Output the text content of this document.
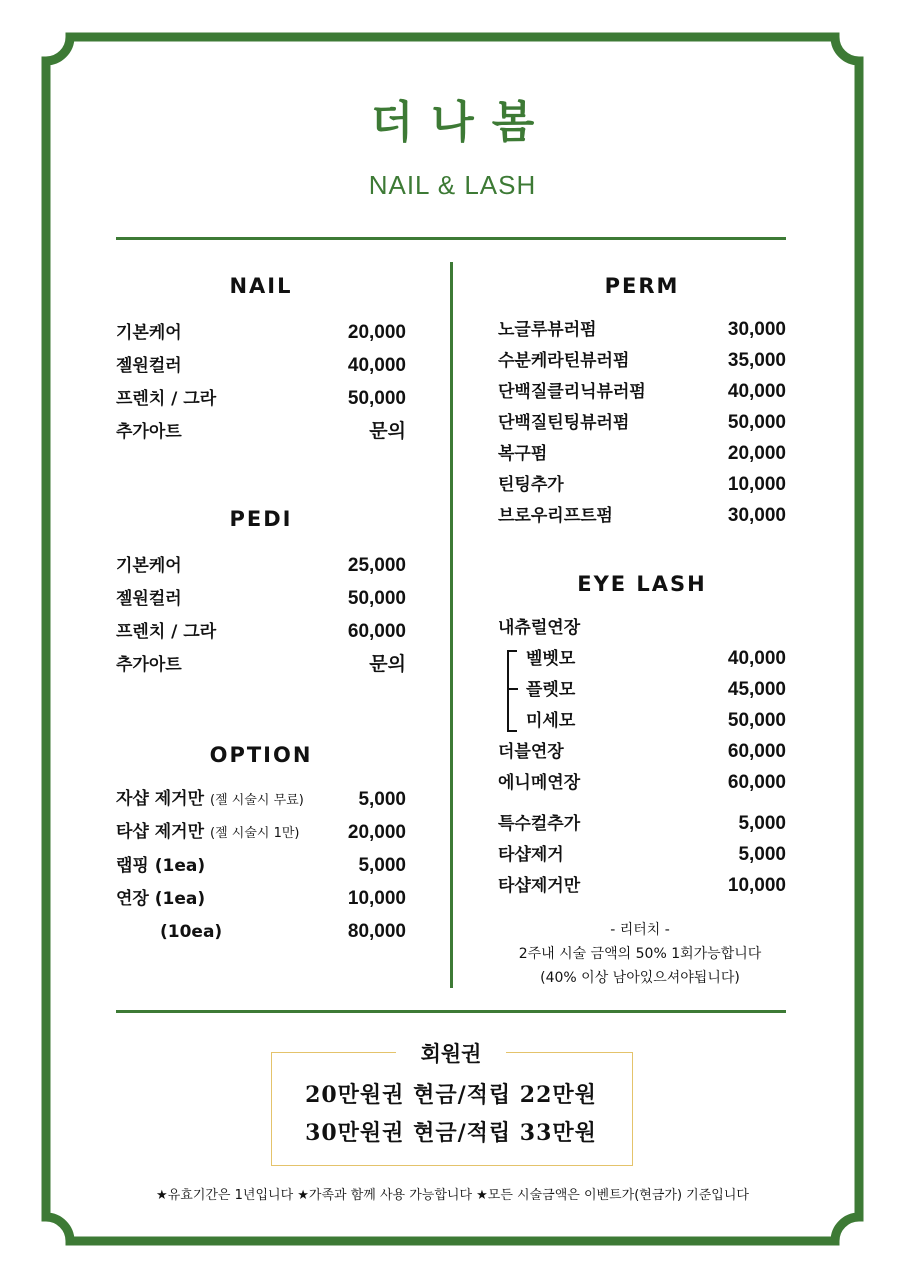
더나봄
NAIL & LASH
NAIL
기본케어	20,000
젤원컬러	40,000
프렌치 / 그라	50,000
추가아트	문의
PEDI
기본케어	25,000
젤원컬러	50,000
프렌치 / 그라	60,000
추가아트	문의
OPTION
자샵 제거만 (젤 시술시 무료)	5,000
타샵 제거만 (젤 시술시 1만)	20,000
랩핑 (1ea)	5,000
연장 (1ea)	10,000
(10ea)	80,000
PERM
노글루뷰러펌	30,000
수분케라틴뷰러펌	35,000
단백질클리닉뷰러펌	40,000
단백질틴팅뷰러펌	50,000
복구펌	20,000
틴팅추가	10,000
브로우리프트펌	30,000
EYE LASH
내츄럴연장
벨벳모	40,000
플렛모	45,000
미세모	50,000
더블연장	60,000
에니메연장	60,000
특수컬추가	5,000
타샵제거	5,000
타샵제거만	10,000
- 리터치 -
2주내 시술 금액의 50% 1회가능합니다
(40% 이상 남아있으셔야됩니다)
회원권
20만원권 현금/적립 22만원
30만원권 현금/적립 33만원
★유효기간은 1년입니다 ★가족과 함께 사용 가능합니다 ★모든 시술금액은 이벤트가(현금가) 기준입니다
